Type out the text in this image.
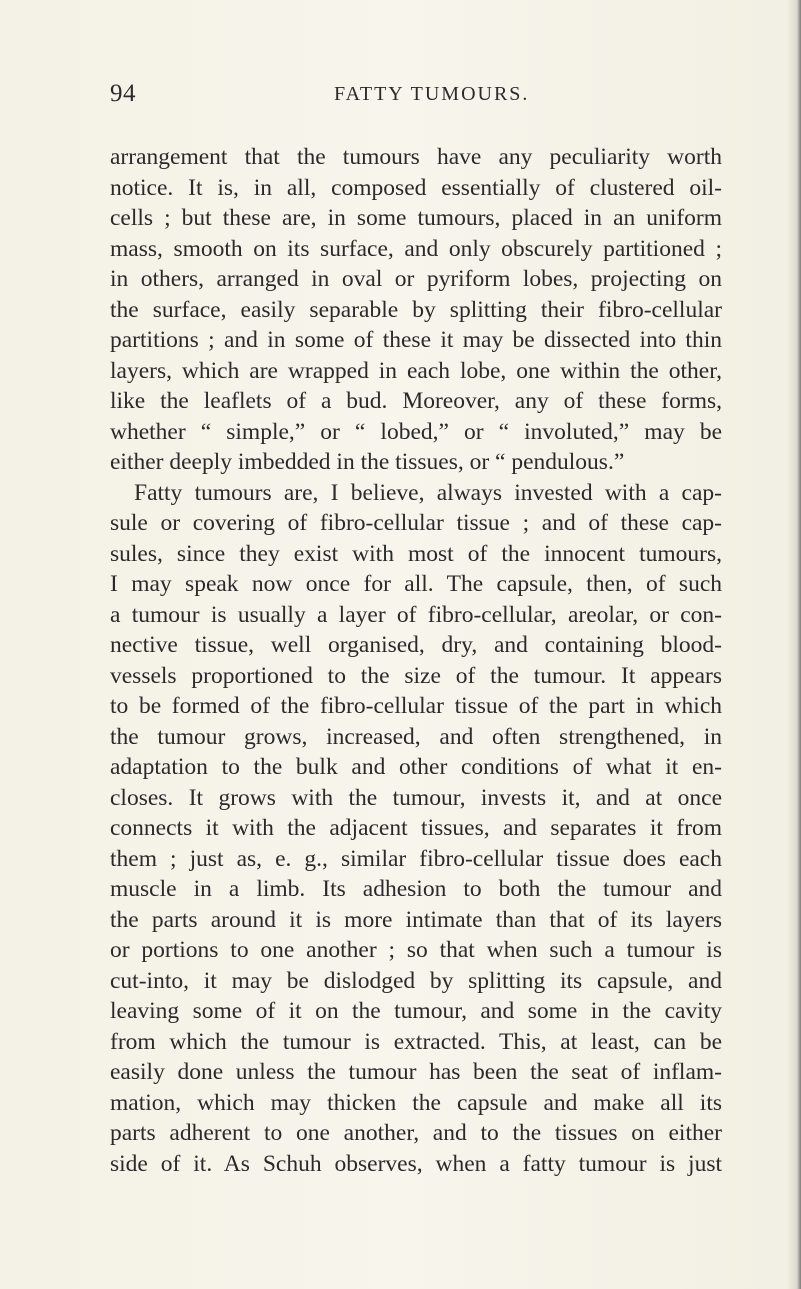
94	FATTY TUMOURS.
arrangement that the tumours have any peculiarity worth
notice. It is, in all, composed essentially of clustered oil-
cells ; but these are, in some tumours, placed in an uniform
mass, smooth on its surface, and only obscurely partitioned ;
in others, arranged in oval or pyriform lobes, projecting on
the surface, easily separable by splitting their fibro-cellular
partitions ; and in some of these it may be dissected into thin
layers, which are wrapped in each lobe, one within the other,
like the leaflets of a bud. Moreover, any of these forms,
whether “ simple,” or “ lobed,” or “ involuted,” may be
either deeply imbedded in the tissues, or “ pendulous.”
Fatty tumours are, I believe, always invested with a cap-
sule or covering of fibro-cellular tissue ; and of these cap-
sules, since they exist with most of the innocent tumours,
I may speak now once for all. The capsule, then, of such
a tumour is usually a layer of fibro-cellular, areolar, or con-
nective tissue, well organised, dry, and containing blood-
vessels proportioned to the size of the tumour. It appears
to be formed of the fibro-cellular tissue of the part in which
the tumour grows, increased, and often strengthened, in
adaptation to the bulk and other conditions of what it en-
closes. It grows with the tumour, invests it, and at once
connects it with the adjacent tissues, and separates it from
them ; just as, e. g., similar fibro-cellular tissue does each
muscle in a limb. Its adhesion to both the tumour and
the parts around it is more intimate than that of its layers
or portions to one another ; so that when such a tumour is
cut-into, it may be dislodged by splitting its capsule, and
leaving some of it on the tumour, and some in the cavity
from which the tumour is extracted. This, at least, can be
easily done unless the tumour has been the seat of inflam-
mation, which may thicken the capsule and make all its
parts adherent to one another, and to the tissues on either
side of it. As Schuh observes, when a fatty tumour is just
